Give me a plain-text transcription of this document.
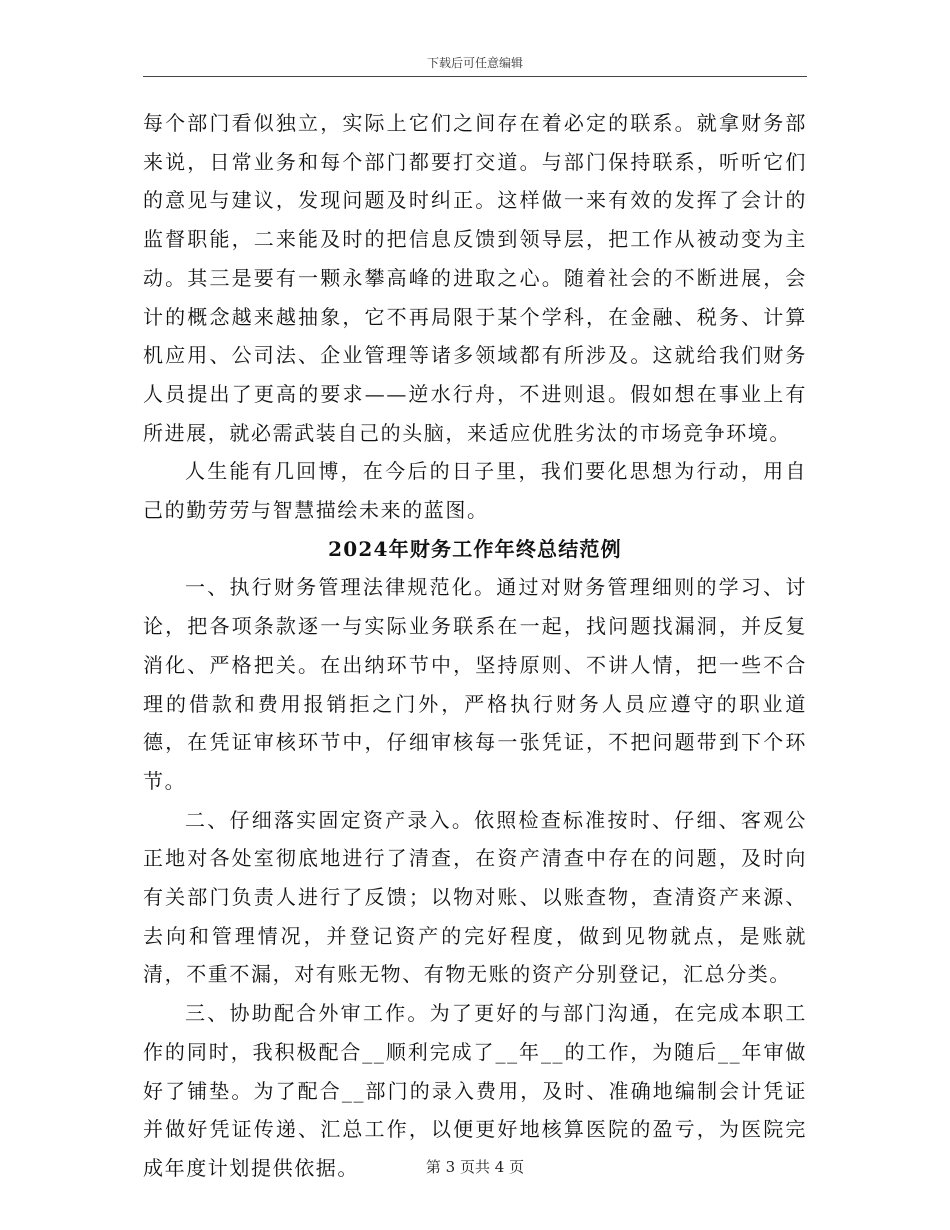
下载后可任意编辑

每个部门看似独立，实际上它们之间存在着必定的联系。就拿财务部来说，日常业务和每个部门都要打交道。与部门保持联系，听听它们的意见与建议，发现问题及时纠正。这样做一来有效的发挥了会计的监督职能，二来能及时的把信息反馈到领导层，把工作从被动变为主动。其三是要有一颗永攀高峰的进取之心。随着社会的不断进展，会计的概念越来越抽象，它不再局限于某个学科，在金融、税务、计算机应用、公司法、企业管理等诸多领域都有所涉及。这就给我们财务人员提出了更高的要求——逆水行舟，不进则退。假如想在事业上有所进展，就必需武装自己的头脑，来适应优胜劣汰的市场竞争环境。

人生能有几回博，在今后的日子里，我们要化思想为行动，用自己的勤劳劳与智慧描绘未来的蓝图。

2024年财务工作年终总结范例

一、执行财务管理法律规范化。通过对财务管理细则的学习、讨论，把各项条款逐一与实际业务联系在一起，找问题找漏洞，并反复消化、严格把关。在出纳环节中，坚持原则、不讲人情，把一些不合理的借款和费用报销拒之门外，严格执行财务人员应遵守的职业道德，在凭证审核环节中，仔细审核每一张凭证，不把问题带到下个环节。

二、仔细落实固定资产录入。依照检查标准按时、仔细、客观公正地对各处室彻底地进行了清查，在资产清查中存在的问题，及时向有关部门负责人进行了反馈；以物对账、以账查物，查清资产来源、去向和管理情况，并登记资产的完好程度，做到见物就点，是账就清，不重不漏，对有账无物、有物无账的资产分别登记，汇总分类。

三、协助配合外审工作。为了更好的与部门沟通，在完成本职工作的同时，我积极配合__顺利完成了__年__的工作，为随后__年审做好了铺垫。为了配合__部门的录入费用，及时、准确地编制会计凭证并做好凭证传递、汇总工作，以便更好地核算医院的盈亏，为医院完成年度计划提供依据。	第 3 页共 4 页
